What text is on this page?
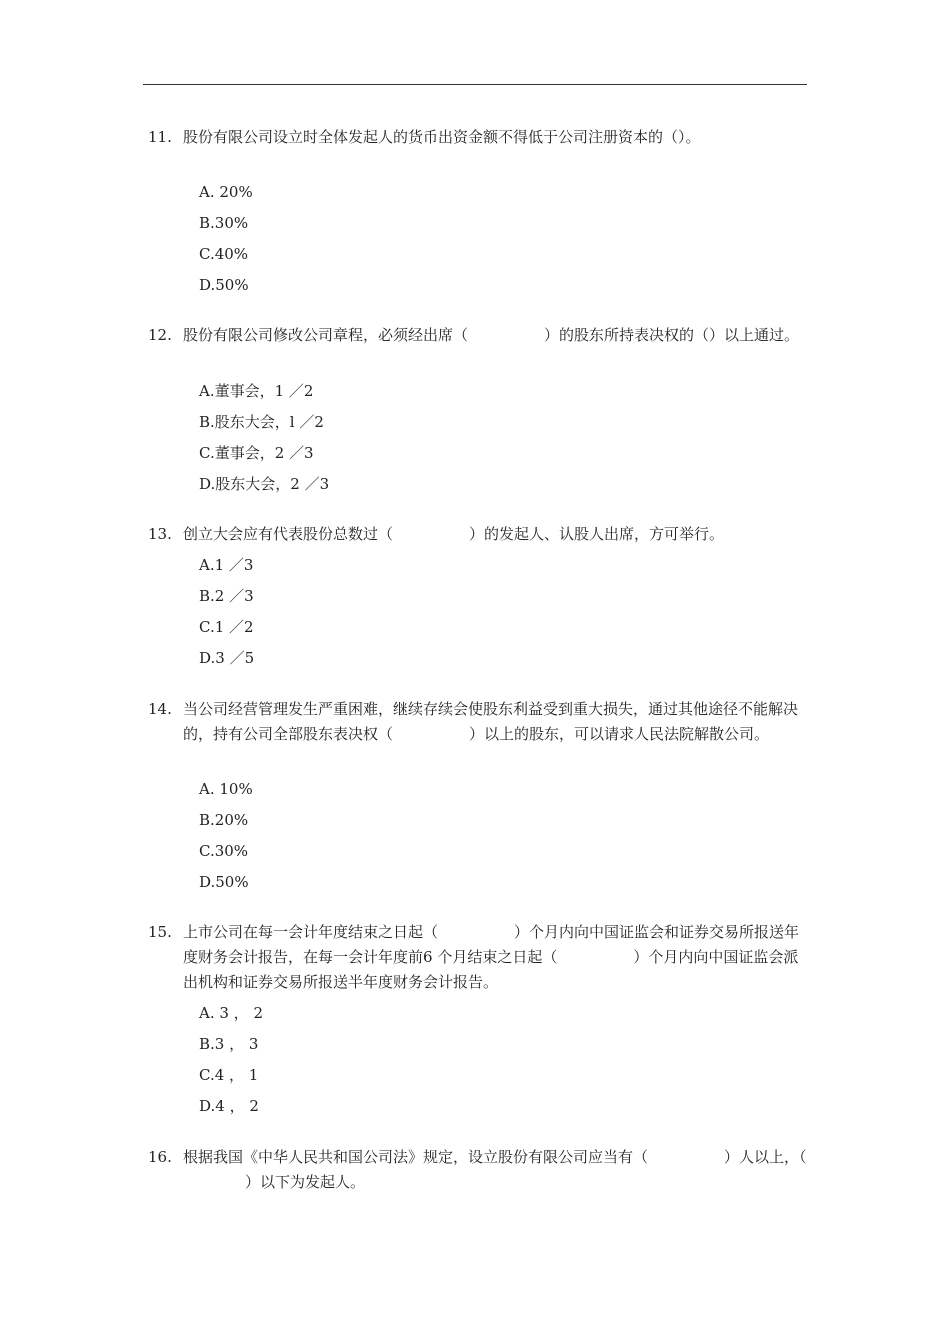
11. 股份有限公司设立时全体发起人的货币出资金额不得低于公司注册资本的（）。
A. 20%
B.30%
C.40%
D.50%
12. 股份有限公司修改公司章程，必须经出席（	）的股东所持表决权的（）以上通过。
A.董事会，1 ／2
B.股东大会，l ／2
C.董事会，2 ／3
D.股东大会，2 ／3
13. 创立大会应有代表股份总数过（	）的发起人、认股人出席，方可举行。
A.1 ／3
B.2 ／3
C.1 ／2
D.3 ／5
14. 当公司经营管理发生严重困难，继续存续会使股东利益受到重大损失，通过其他途径不能解决的，持有公司全部股东表决权（	）以上的股东，可以请求人民法院解散公司。
A. 10%
B.20%
C.30%
D.50%
15. 上市公司在每一会计年度结束之日起（	）个月内向中国证监会和证券交易所报送年度财务会计报告，在每一会计年度前6 个月结束之日起（	）个月内向中国证监会派出机构和证券交易所报送半年度财务会计报告。
A. 3 ， 2
B.3 ， 3
C.4 ， 1
D.4 ， 2
16. 根据我国《中华人民共和国公司法》规定，设立股份有限公司应当有（	）人以上，（）以下为发起人。
